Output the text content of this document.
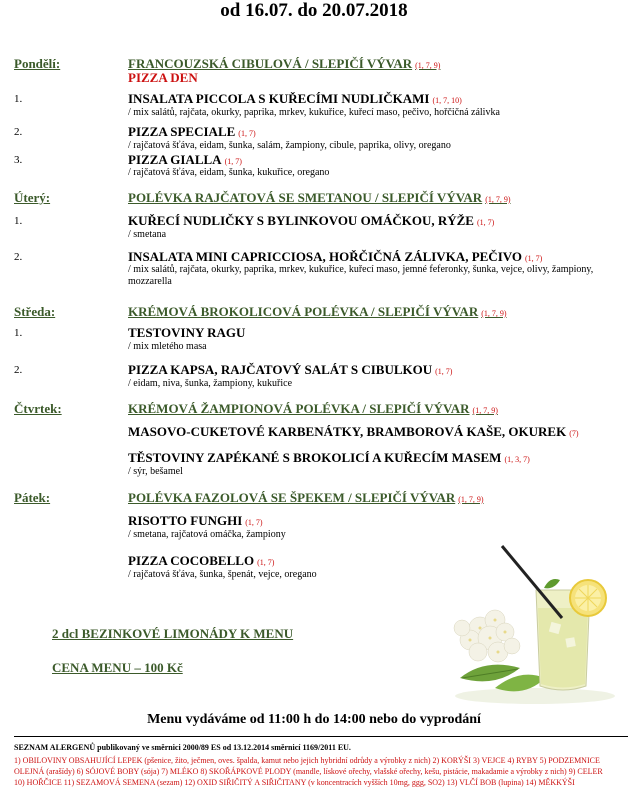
od 16.07. do 20.07.2018
Pondělí:	FRANCOUZSKÁ CIBULOVÁ / SLEPIČÍ VÝVAR (1, 7, 9)
PIZZA DEN
1.	INSALATA PICCOLA S KUŘECÍMI NUDLIČKAMI (1, 7, 10)
/ mix salátů, rajčata, okurky, paprika, mrkev, kukuřice, kuřecí maso, pečivo, hořčičná zálivka
2.	PIZZA SPECIALE (1, 7)
/ rajčatová šťáva, eidam, šunka, salám, žampiony, cibule, paprika, olivy, oregano
3.	PIZZA GIALLA (1, 7)
/ rajčatová šťáva, eidam, šunka, kukuřice, oregano
Úterý:	POLÉVKA RAJČATOVÁ SE SMETANOU / SLEPIČÍ VÝVAR (1, 7, 9)
1.	KUŘECÍ NUDLIČKY S BYLINKOVOU OMÁČKOU, RÝŽE (1, 7)
/ smetana
2.	INSALATA MINI CAPRICCIOSA, HOŘČIČNÁ ZÁLIVKA, PEČIVO (1, 7)
/ mix salátů, rajčata, okurky, paprika, mrkev, kukuřice, kuřecí maso, jemné feferonky, šunka, vejce, olivy, žampiony, mozzarella
Středa:	KRÉMOVÁ BROKOLICOVÁ POLÉVKA / SLEPIČÍ VÝVAR (1, 7, 9)
1.	TESTOVINY RAGU
/ mix mletého masa
2.	PIZZA KAPSA, RAJČATOVÝ SALÁT S CIBULKOU (1, 7)
/ eidam, niva, šunka, žampiony, kukuřice
Čtvrtek:	KRÉMOVÁ ŽAMPIONOVÁ POLÉVKA / SLEPIČÍ VÝVAR (1, 7, 9)
MASOVO-CUKETOVÉ KARBENÁTKY, BRAMBOROVÁ KAŠE, OKUREK (7)
TĚSTOVINY ZAPÉKANÉ S BROKOLICÍ A KUŘECÍM MASEM (1, 3, 7)
/ sýr, bešamel
Pátek:	POLÉVKA FAZOLOVÁ SE ŠPEKEM / SLEPIČÍ VÝVAR (1, 7, 9)
RISOTTO FUNGHI (1, 7)
/ smetana, rajčatová omáčka, žampiony
PIZZA COCOBELLO (1, 7)
/ rajčatová šťáva, šunka, špenát, vejce, oregano
2 dcl BEZINKOVÉ LIMONÁDY K MENU
CENA MENU – 100 Kč
Menu vydáváme od 11:00 h do 14:00 nebo do vyprodání
SEZNAM ALERGENŮ publikovaný ve směrnici 2000/89 ES od 13.12.2014 směrnicí 1169/2011 EU.
1) OBILOVINY OBSAHUJÍCÍ LEPEK (pšenice, žito, ječmen, oves. špalda, kamut nebo jejich hybridní odrůdy a výrobky z nich) 2) KORÝŠI 3) VEJCE 4) RYBY 5) PODZEMNICE OLEJNÁ (arašídy) 6) SÓJOVÉ BOBY (sója) 7) MLÉKO 8) SKOŘÁPKOVÉ PLODY (mandle, lískové ořechy, vlašské ořechy, kešu, pistácie, makadamie a výrobky z nich) 9) CELER 10) HOŘČICE 11) SEZAMOVÁ SEMENA (sezam) 12) OXID SIŘIČITÝ A SIŘIČITANY (v koncentracích vyšších 10mg, ggg, SO2) 13) VLČÍ BOB (lupina) 14) MĚKKÝŠI
